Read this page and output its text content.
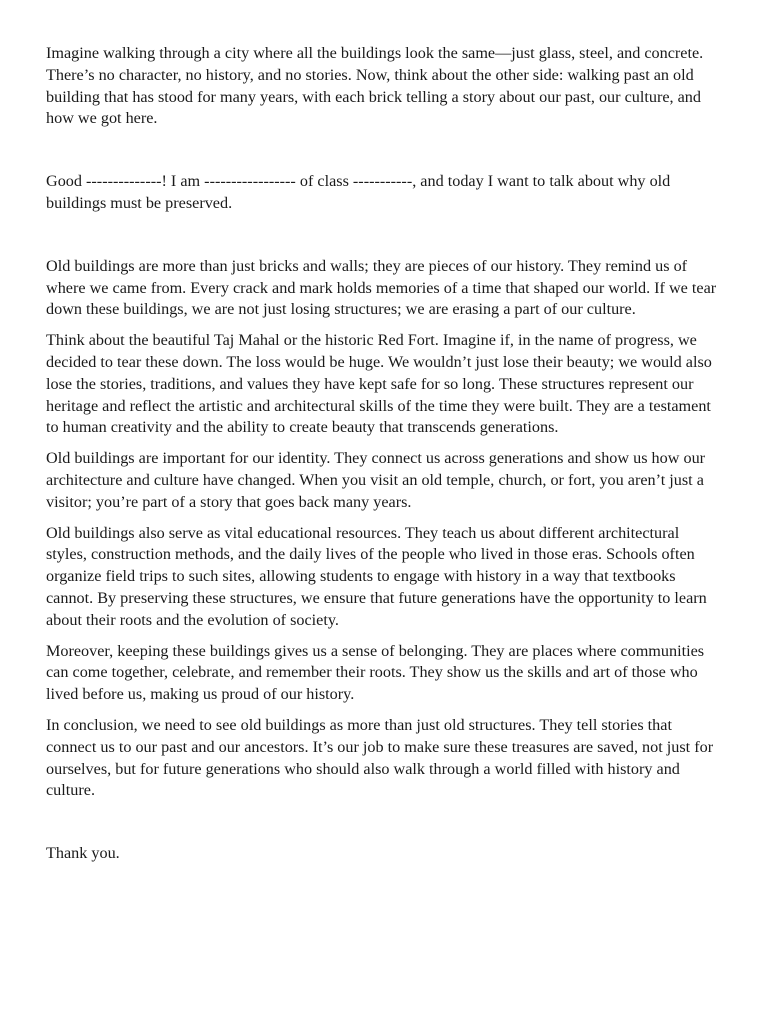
Imagine walking through a city where all the buildings look the same—just glass, steel, and concrete. There’s no character, no history, and no stories. Now, think about the other side: walking past an old building that has stood for many years, with each brick telling a story about our past, our culture, and how we got here.

Good --------------! I am ----------------- of class -----------, and today I want to talk about why old buildings must be preserved.

Old buildings are more than just bricks and walls; they are pieces of our history. They remind us of where we came from. Every crack and mark holds memories of a time that shaped our world. If we tear down these buildings, we are not just losing structures; we are erasing a part of our culture.

Think about the beautiful Taj Mahal or the historic Red Fort. Imagine if, in the name of progress, we decided to tear these down. The loss would be huge. We wouldn’t just lose their beauty; we would also lose the stories, traditions, and values they have kept safe for so long. These structures represent our heritage and reflect the artistic and architectural skills of the time they were built. They are a testament to human creativity and the ability to create beauty that transcends generations.

Old buildings are important for our identity. They connect us across generations and show us how our architecture and culture have changed. When you visit an old temple, church, or fort, you aren’t just a visitor; you’re part of a story that goes back many years.

Old buildings also serve as vital educational resources. They teach us about different architectural styles, construction methods, and the daily lives of the people who lived in those eras. Schools often organize field trips to such sites, allowing students to engage with history in a way that textbooks cannot. By preserving these structures, we ensure that future generations have the opportunity to learn about their roots and the evolution of society.

Moreover, keeping these buildings gives us a sense of belonging. They are places where communities can come together, celebrate, and remember their roots. They show us the skills and art of those who lived before us, making us proud of our history.

In conclusion, we need to see old buildings as more than just old structures. They tell stories that connect us to our past and our ancestors. It’s our job to make sure these treasures are saved, not just for ourselves, but for future generations who should also walk through a world filled with history and culture.

Thank you.
